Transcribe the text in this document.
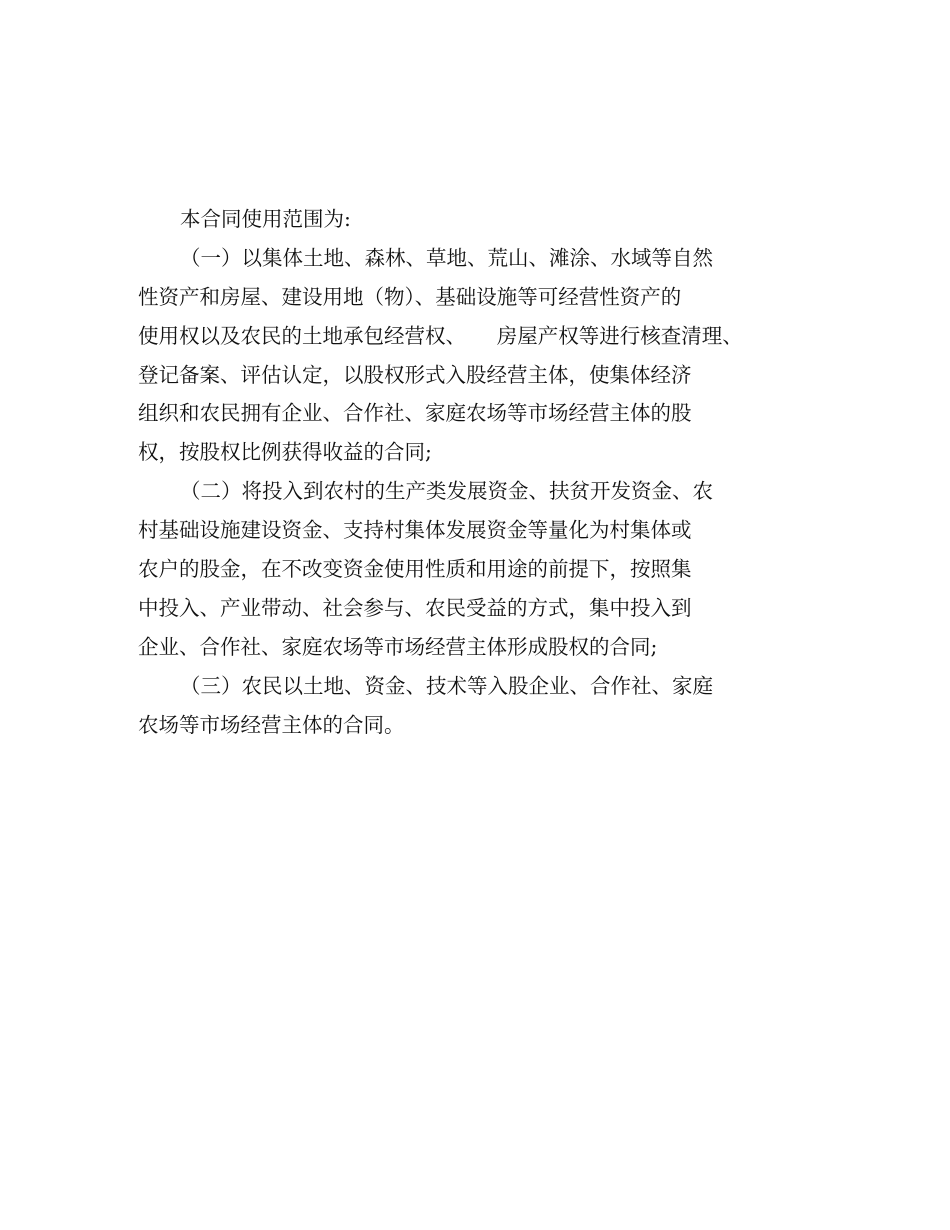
本合同使用范围为:
（一）以集体土地、森林、草地、荒山、滩涂、水域等自然
性资产和房屋、建设用地（物）、基础设施等可经营性资产的
使用权以及农民的土地承包经营权、　　房屋产权等进行核查清理、
登记备案、评估认定，以股权形式入股经营主体，使集体经济
组织和农民拥有企业、合作社、家庭农场等市场经营主体的股
权，按股权比例获得收益的合同;
（二）将投入到农村的生产类发展资金、扶贫开发资金、农
村基础设施建设资金、支持村集体发展资金等量化为村集体或
农户的股金，在不改变资金使用性质和用途的前提下，按照集
中投入、产业带动、社会参与、农民受益的方式，集中投入到
企业、合作社、家庭农场等市场经营主体形成股权的合同;
（三）农民以土地、资金、技术等入股企业、合作社、家庭
农场等市场经营主体的合同。
